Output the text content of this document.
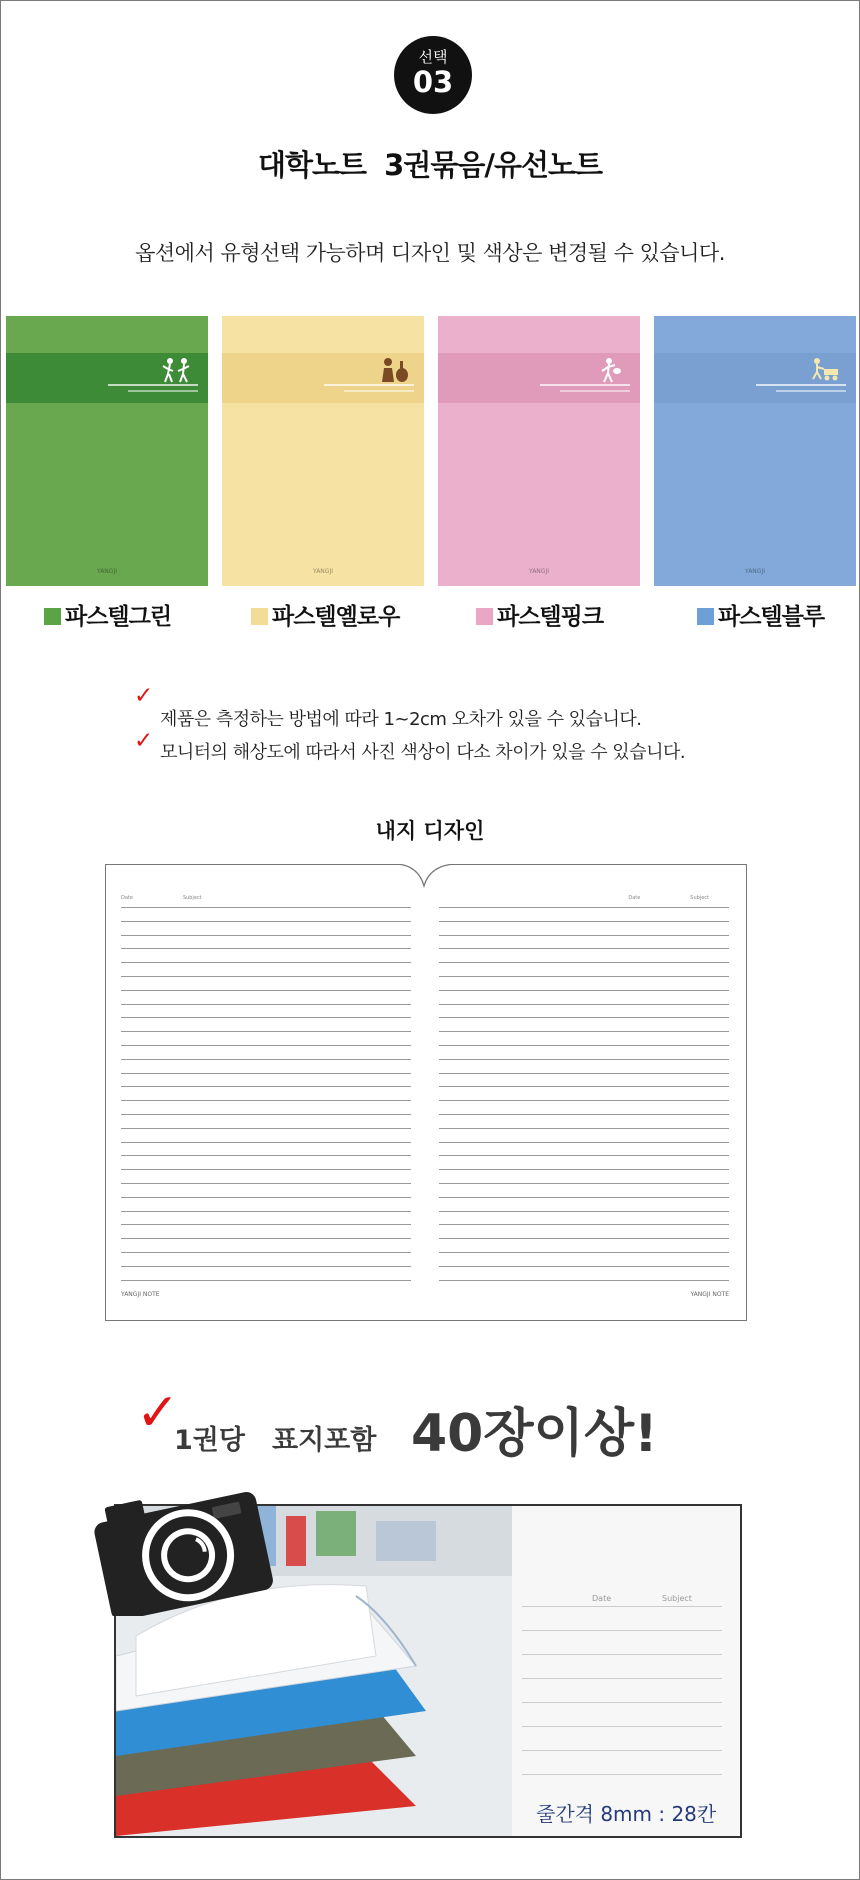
선택
03
대학노트  3권묶음/유선노트
옵션에서 유형선택 가능하며 디자인 및 색상은 변경될 수 있습니다.
YANGJI	YANGJI	YANGJI	YANGJI
파스텔그린	파스텔옐로우	파스텔핑크	파스텔블루
✓
제품은 측정하는 방법에 따라 1~2cm 오차가 있을 수 있습니다.
✓ 모니터의 해상도에 따라서 사진 색상이 다소 차이가 있을 수 있습니다.
내지 디자인
Date	Subject
YANGJI NOTE
Date	Subject
YANGJI NOTE
✓
1권당 표지포함 40장이상!
Date	Subject
줄간격 8mm : 28칸
